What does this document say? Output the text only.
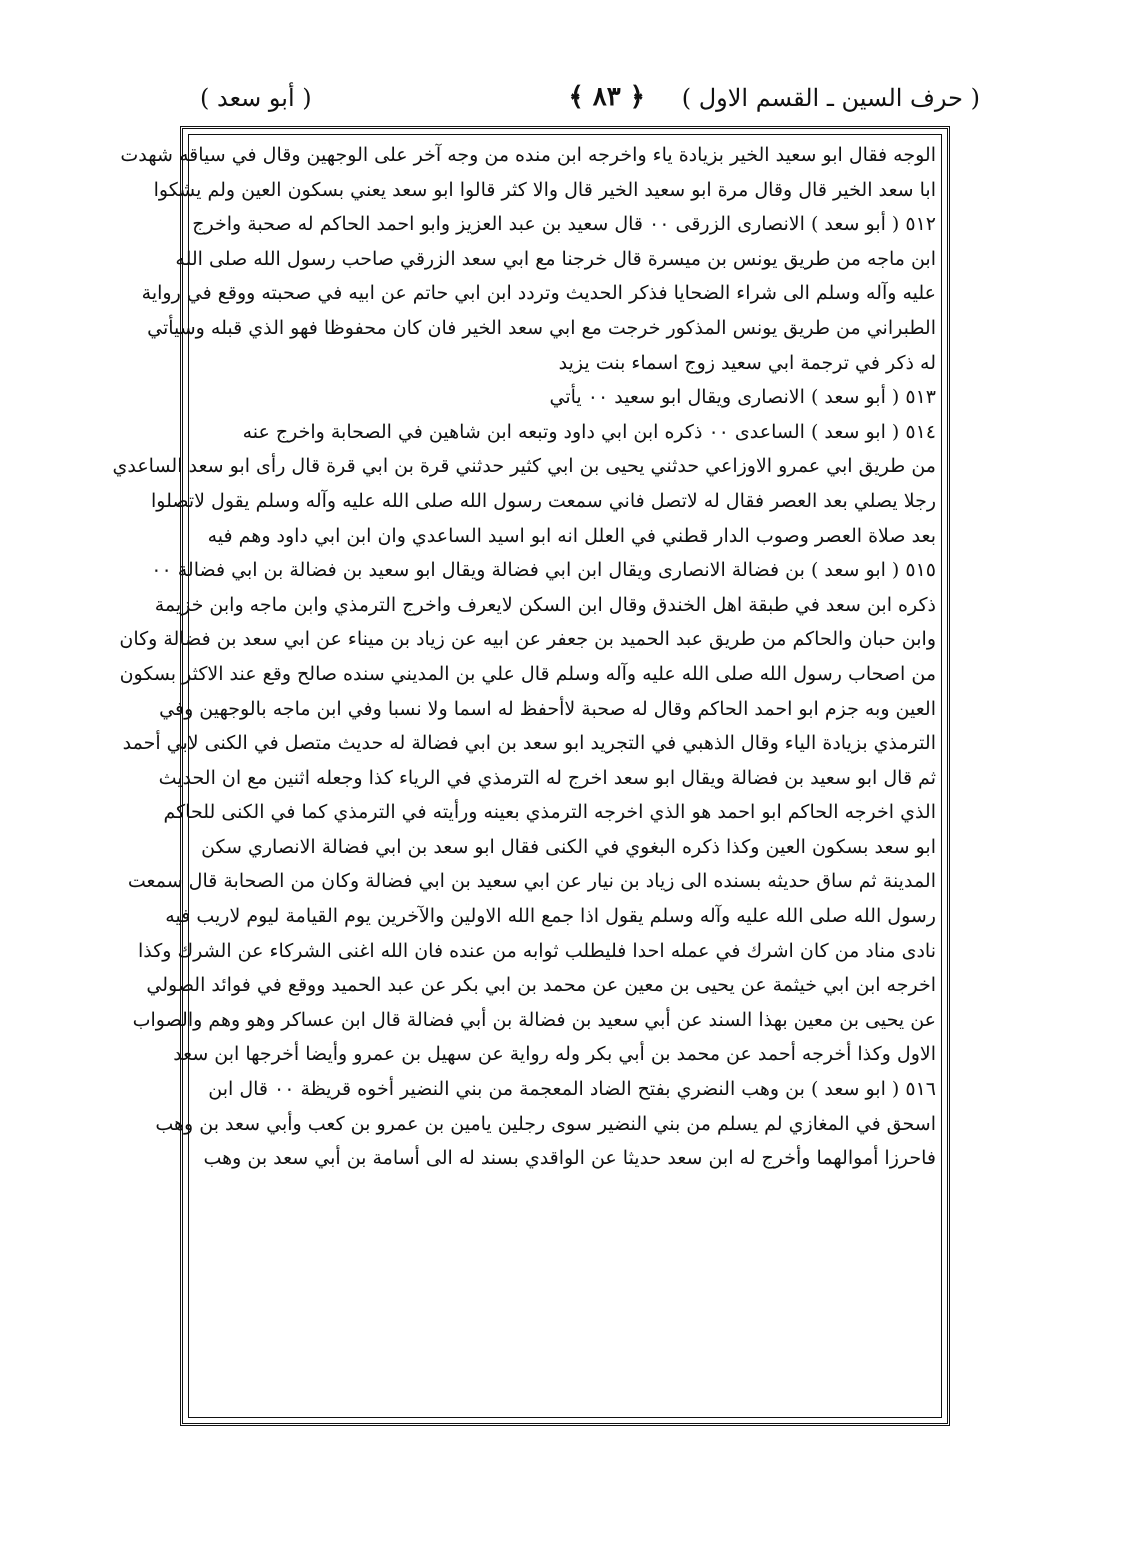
( حرف السين ـ القسم الاول )
﴿ ٨٣ ﴾
( أبو سعد )
الوجه فقال ابو سعيد الخير بزيادة ياء واخرجه ابن منده من وجه آخر على الوجهين وقال في سياقه شهدت
ابا سعد الخير قال وقال مرة ابو سعيد الخير قال والا كثر قالوا ابو سعد يعني بسكون العين ولم يشكوا
٥١٢ ( أبو سعد ) الانصارى الزرقى ٠٠ قال سعيد بن عبد العزيز وابو احمد الحاكم له صحبة واخرج
ابن ماجه من طريق يونس بن ميسرة قال خرجنا مع ابي سعد الزرقي صاحب رسول الله صلى الله
عليه وآله وسلم الى شراء الضحايا فذكر الحديث وتردد ابن ابي حاتم عن ابيه في صحبته ووقع في رواية
الطبراني من طريق يونس المذكور خرجت مع ابي سعد الخير فان كان محفوظا فهو الذي قبله وسيأتي
له ذكر في ترجمة ابي سعيد زوج اسماء بنت يزيد
٥١٣ ( أبو سعد ) الانصارى ويقال ابو سعيد ٠٠ يأتي
٥١٤ ( ابو سعد ) الساعدى ٠٠ ذكره ابن ابي داود وتبعه ابن شاهين في الصحابة واخرج عنه
من طريق ابي عمرو الاوزاعي حدثني يحيى بن ابي كثير حدثني قرة بن ابي قرة قال رأى ابو سعد الساعدي
رجلا يصلي بعد العصر فقال له لاتصل فاني سمعت رسول الله صلى الله عليه وآله وسلم يقول لاتصلوا
بعد صلاة العصر وصوب الدار قطني في العلل انه ابو اسيد الساعدي وان ابن ابي داود وهم فيه
٥١٥ ( ابو سعد ) بن فضالة الانصارى ويقال ابن ابي فضالة ويقال ابو سعيد بن فضالة بن ابي فضالة ٠٠
ذكره ابن سعد في طبقة اهل الخندق وقال ابن السكن لايعرف واخرج الترمذي وابن ماجه وابن خزيمة
وابن حبان والحاكم من طريق عبد الحميد بن جعفر عن ابيه عن زياد بن ميناء عن ابي سعد بن فضالة وكان
من اصحاب رسول الله صلى الله عليه وآله وسلم قال علي بن المديني سنده صالح وقع عند الاكثر بسكون
العين وبه جزم ابو احمد الحاكم وقال له صحبة لاأحفظ له اسما ولا نسبا وفي ابن ماجه بالوجهين وفي
الترمذي بزيادة الياء وقال الذهبي في التجريد ابو سعد بن ابي فضالة له حديث متصل في الكنى لابي أحمد
ثم قال ابو سعيد بن فضالة ويقال ابو سعد اخرج له الترمذي في الرياء كذا وجعله اثنين مع ان الحديث
الذي اخرجه الحاكم ابو احمد هو الذي اخرجه الترمذي بعينه ورأيته في الترمذي كما في الكنى للحاكم
ابو سعد بسكون العين وكذا ذكره البغوي في الكنى فقال ابو سعد بن ابي فضالة الانصاري سكن
المدينة ثم ساق حديثه بسنده الى زياد بن نيار عن ابي سعيد بن ابي فضالة وكان من الصحابة قال سمعت
رسول الله صلى الله عليه وآله وسلم يقول اذا جمع الله الاولين والآخرين يوم القيامة ليوم لاريب فيه
نادى مناد من كان اشرك في عمله احدا فليطلب ثوابه من عنده فان الله اغنى الشركاء عن الشرك وكذا
اخرجه ابن ابي خيثمة عن يحيى بن معين عن محمد بن ابي بكر عن عبد الحميد ووقع في فوائد الصولي
عن يحيى بن معين بهذا السند عن أبي سعيد بن فضالة بن أبي فضالة قال ابن عساكر وهو وهم والصواب
الاول وكذا أخرجه أحمد عن محمد بن أبي بكر وله رواية عن سهيل بن عمرو وأيضا أخرجها ابن سعد
٥١٦ ( ابو سعد ) بن وهب النضري بفتح الضاد المعجمة من بني النضير أخوه قريظة ٠٠ قال ابن
اسحق في المغازي لم يسلم من بني النضير سوى رجلين يامين بن عمرو بن كعب وأبي سعد بن وهب
فاحرزا أموالهما وأخرج له ابن سعد حديثا عن الواقدي بسند له الى أسامة بن أبي سعد بن وهب
